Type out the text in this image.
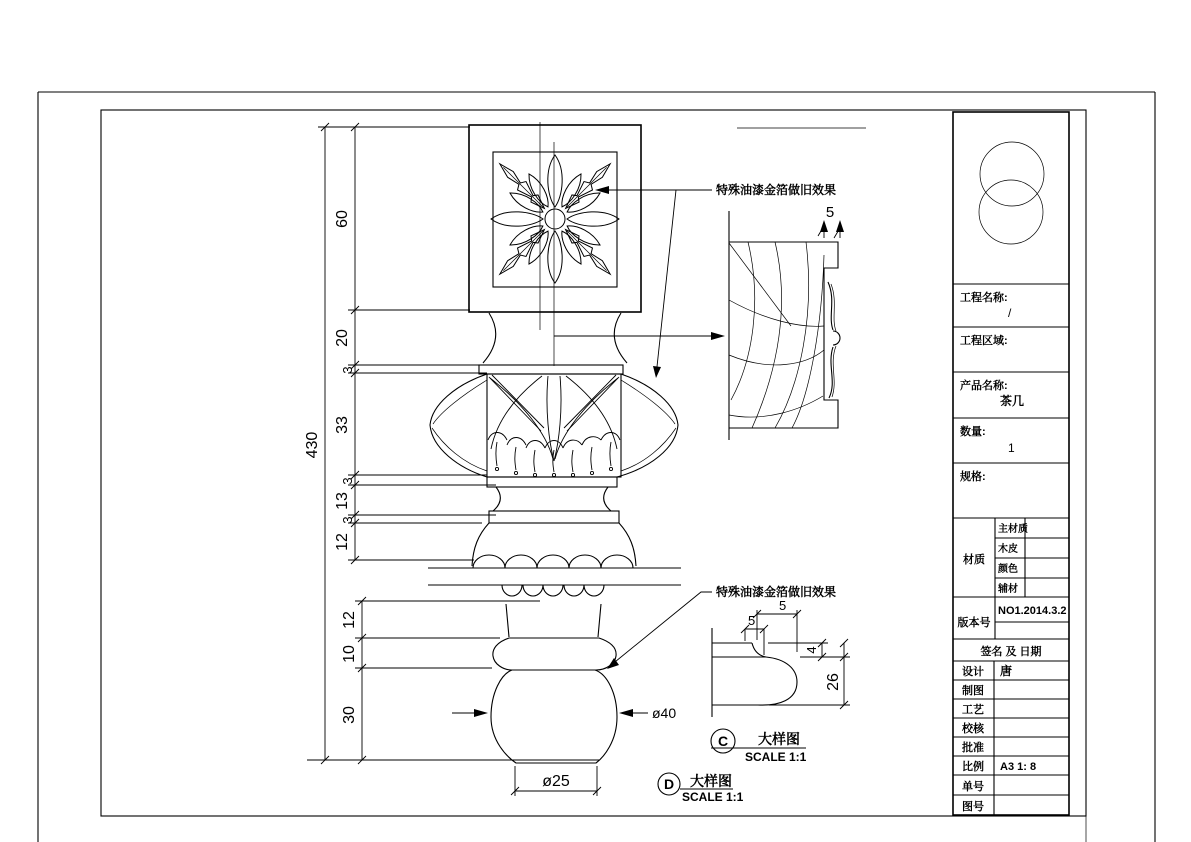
430
60
20
3
33
3
13
3
12
12
10
30	ø40
ø25
特殊油漆金箔做旧效果
特殊油漆金箔做旧效果
5
5
5
4
26
C 大样图
SCALE 1:1
D 大样图
SCALE 1:1
工程名称:
/
工程区域:
产品名称:
茶几
数量:
1
规格:
材质
主材质
木皮
颜色
辅材
版本号
NO1.2014.3.2
签名 及 日期
设计 唐
制图
工艺
校核
批准
比例 A3 1: 8
单号
图号
